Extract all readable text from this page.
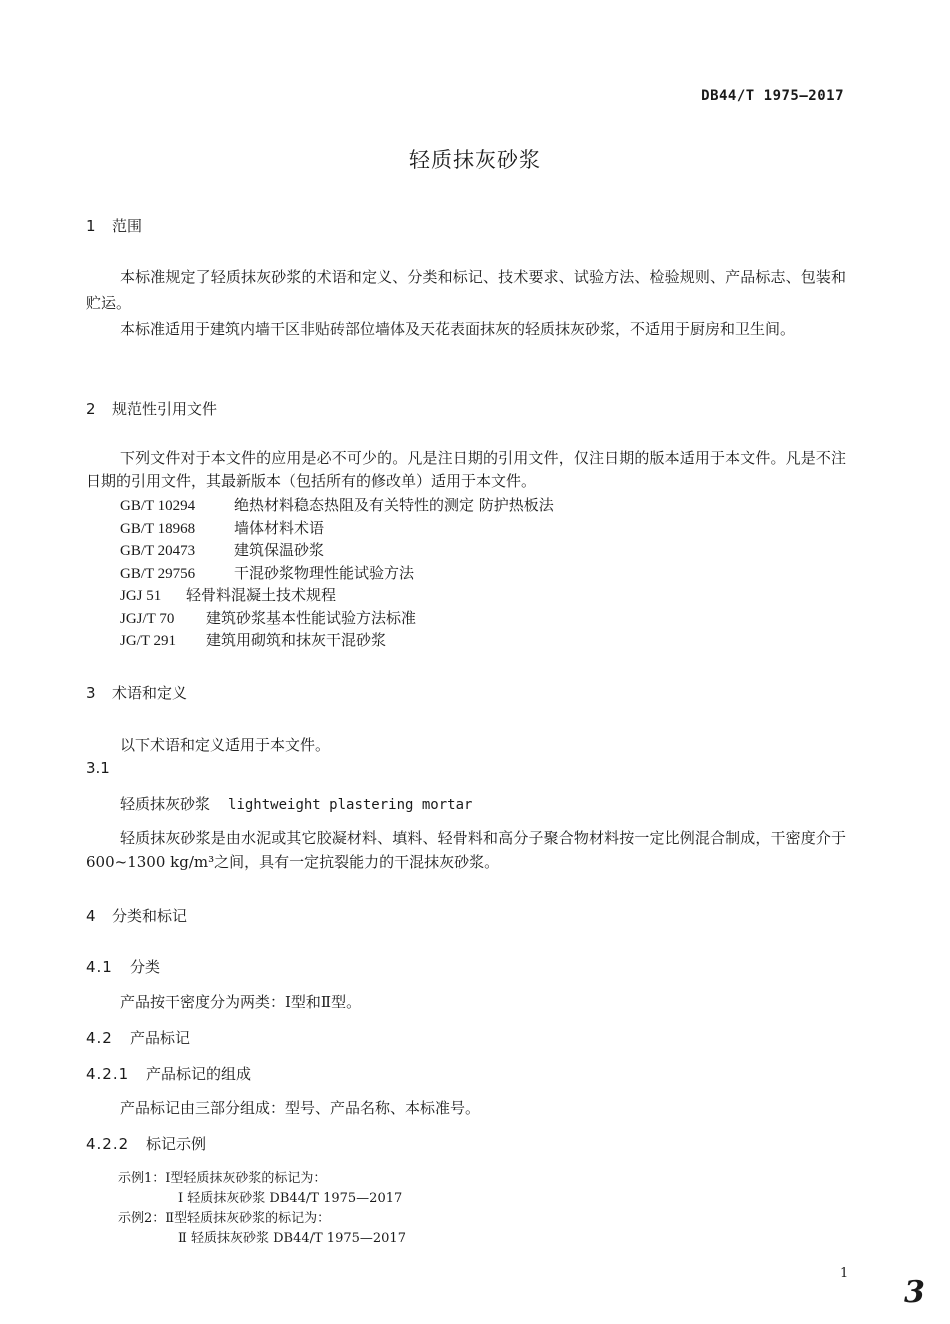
DB44/T 1975—2017
轻质抹灰砂浆
1 范围
本标准规定了轻质抹灰砂浆的术语和定义、分类和标记、技术要求、试验方法、检验规则、产品标志、包装和贮运。
本标准适用于建筑内墙干区非贴砖部位墙体及天花表面抹灰的轻质抹灰砂浆，不适用于厨房和卫生间。
2 规范性引用文件
下列文件对于本文件的应用是必不可少的。凡是注日期的引用文件，仅注日期的版本适用于本文件。凡是不注日期的引用文件，其最新版本（包括所有的修改单）适用于本文件。
GB/T 10294	绝热材料稳态热阻及有关特性的测定 防护热板法
GB/T 18968	墙体材料术语
GB/T 20473	建筑保温砂浆
GB/T 29756	干混砂浆物理性能试验方法
JGJ 51 轻骨料混凝土技术规程
JGJ/T 70 建筑砂浆基本性能试验方法标准
JG/T 291 建筑用砌筑和抹灰干混砂浆
3 术语和定义
以下术语和定义适用于本文件。
3.1
轻质抹灰砂浆 lightweight plastering mortar
轻质抹灰砂浆是由水泥或其它胶凝材料、填料、轻骨料和高分子聚合物材料按一定比例混合制成，干密度介于600~1300 kg/m³之间，具有一定抗裂能力的干混抹灰砂浆。
4 分类和标记
4.1 分类
产品按干密度分为两类：Ⅰ型和Ⅱ型。
4.2 产品标记
4.2.1 产品标记的组成
产品标记由三部分组成：型号、产品名称、本标准号。
4.2.2 标记示例
示例1：Ⅰ型轻质抹灰砂浆的标记为：
Ⅰ 轻质抹灰砂浆 DB44/T 1975—2017
示例2：Ⅱ型轻质抹灰砂浆的标记为：
Ⅱ 轻质抹灰砂浆 DB44/T 1975—2017
1
3
